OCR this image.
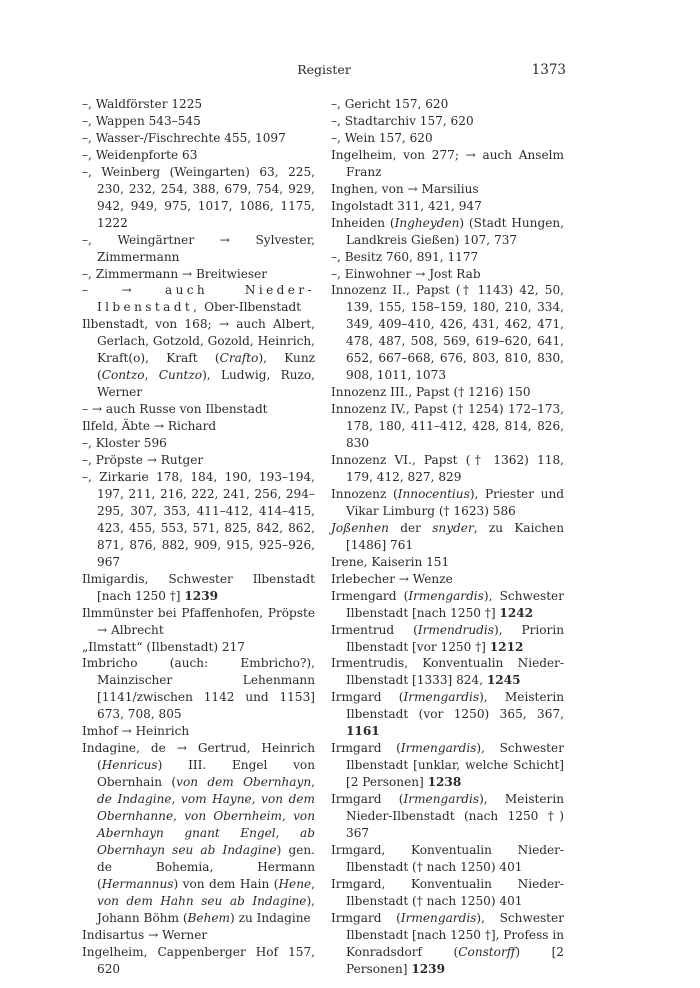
Register	1373

–, Waldförster 1225

–, Wappen 543–545

–, Wasser-/Fischrechte 455, 1097

–, Weidenpforte 63

–, Weinberg (Weingarten) 63, 225, 230, 232, 254, 388, 679, 754, 929, 942, 949, 975, 1017, 1086, 1175, 1222

–, Weingärtner → Sylvester, Zimmermann

–, Zimmermann → Breitwieser

– → auch Nieder-Ilbenstadt, Ober-Ilbenstadt

Ilbenstadt, von 168; → auch Albert, Gerlach, Gotzold, Gozold, Heinrich, Kraft(o), Kraft (Crafto), Kunz (Contzo, Cuntzo), Ludwig, Ruzo, Werner

– → auch Russe von Ilbenstadt

Ilfeld, Äbte → Richard

–, Kloster 596

–, Pröpste → Rutger

–, Zirkarie 178, 184, 190, 193–194, 197, 211, 216, 222, 241, 256, 294–295, 307, 353, 411–412, 414–415, 423, 455, 553, 571, 825, 842, 862, 871, 876, 882, 909, 915, 925–926, 967

Ilmigardis, Schwester Ilbenstadt [nach 1250 †] 1239

Ilmmünster bei Pfaffenhofen, Pröpste → Albrecht

„Ilmstatt“ (Ilbenstadt) 217

Imbricho (auch: Embricho?), Mainzischer Lehenmann [1141/zwischen 1142 und 1153] 673, 708, 805

Imhof → Heinrich

Indagine, de → Gertrud, Heinrich (Henricus) III. Engel von Obernhain (von dem Obernhayn, de Indagine, vom Hayne, von dem Obernhanne, von Obernheim, von Abernhayn gnant Engel, ab Obernhayn seu ab Indagine) gen. de Bohemia, Hermann (Hermannus) von dem Hain (Hene, von dem Hahn seu ab Indagine), Johann Böhm (Behem) zu Indagine

Indisartus → Werner

Ingelheim, Cappenberger Hof 157, 620

–, Gericht 157, 620

–, Stadtarchiv 157, 620

–, Wein 157, 620

Ingelheim, von 277; → auch Anselm Franz

Inghen, von → Marsilius

Ingolstadt 311, 421, 947

Inheiden (Ingheyden) (Stadt Hungen, Landkreis Gießen) 107, 737

–, Besitz 760, 891, 1177

–, Einwohner → Jost Rab

Innozenz II., Papst († 1143) 42, 50, 139, 155, 158–159, 180, 210, 334, 349, 409–410, 426, 431, 462, 471, 478, 487, 508, 569, 619–620, 641, 652, 667–668, 676, 803, 810, 830, 908, 1011, 1073

Innozenz III., Papst († 1216) 150

Innozenz IV., Papst († 1254) 172–173, 178, 180, 411–412, 428, 814, 826, 830

Innozenz VI., Papst († 1362) 118, 179, 412, 827, 829

Innozenz (Innocentius), Priester und Vikar Limburg († 1623) 586

Joßenhen der snyder, zu Kaichen [1486] 761

Irene, Kaiserin 151

Irlebecher → Wenze

Irmengard (Irmengardis), Schwester Ilbenstadt [nach 1250 †] 1242

Irmentrud (Irmendrudis), Priorin Ilbenstadt [vor 1250 †] 1212

Irmentrudis, Konventualin Nieder-Ilbenstadt [1333] 824, 1245

Irmgard (Irmengardis), Meisterin Ilbenstadt (vor 1250) 365, 367, 1161

Irmgard (Irmengardis), Schwester Ilbenstadt [unklar, welche Schicht] [2 Personen] 1238

Irmgard (Irmengardis), Meisterin Nieder-Ilbenstadt (nach 1250 †) 367

Irmgard, Konventualin Nieder-Ilbenstadt († nach 1250) 401

Irmgard, Konventualin Nieder-Ilbenstadt († nach 1250) 401

Irmgard (Irmengardis), Schwester Ilbenstadt [nach 1250 †], Profess in Konradsdorf (Constorff) [2 Personen] 1239
